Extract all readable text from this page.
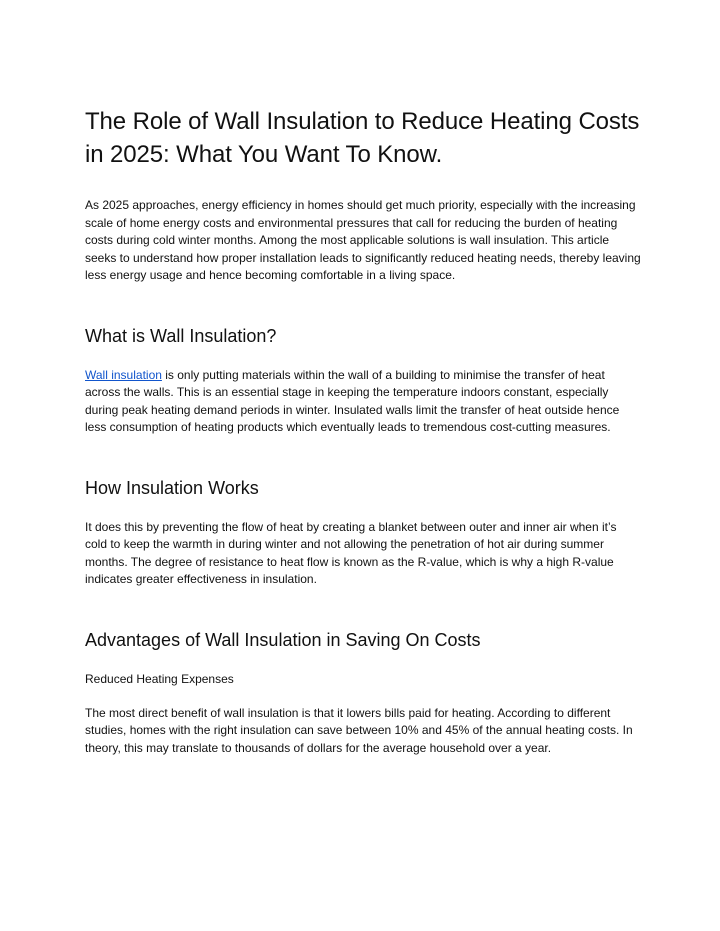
The Role of Wall Insulation to Reduce Heating Costs in 2025: What You Want To Know.

As 2025 approaches, energy efficiency in homes should get much priority, especially with the increasing scale of home energy costs and environmental pressures that call for reducing the burden of heating costs during cold winter months. Among the most applicable solutions is wall insulation. This article seeks to understand how proper installation leads to significantly reduced heating needs, thereby leaving less energy usage and hence becoming comfortable in a living space.

What is Wall Insulation?

Wall insulation is only putting materials within the wall of a building to minimise the transfer of heat across the walls. This is an essential stage in keeping the temperature indoors constant, especially during peak heating demand periods in winter. Insulated walls limit the transfer of heat outside hence less consumption of heating products which eventually leads to tremendous cost-cutting measures.

How Insulation Works

It does this by preventing the flow of heat by creating a blanket between outer and inner air when it’s cold to keep the warmth in during winter and not allowing the penetration of hot air during summer months. The degree of resistance to heat flow is known as the R-value, which is why a high R-value indicates greater effectiveness in insulation.

Advantages of Wall Insulation in Saving On Costs

Reduced Heating Expenses

The most direct benefit of wall insulation is that it lowers bills paid for heating. According to different studies, homes with the right insulation can save between 10% and 45% of the annual heating costs. In theory, this may translate to thousands of dollars for the average household over a year.
